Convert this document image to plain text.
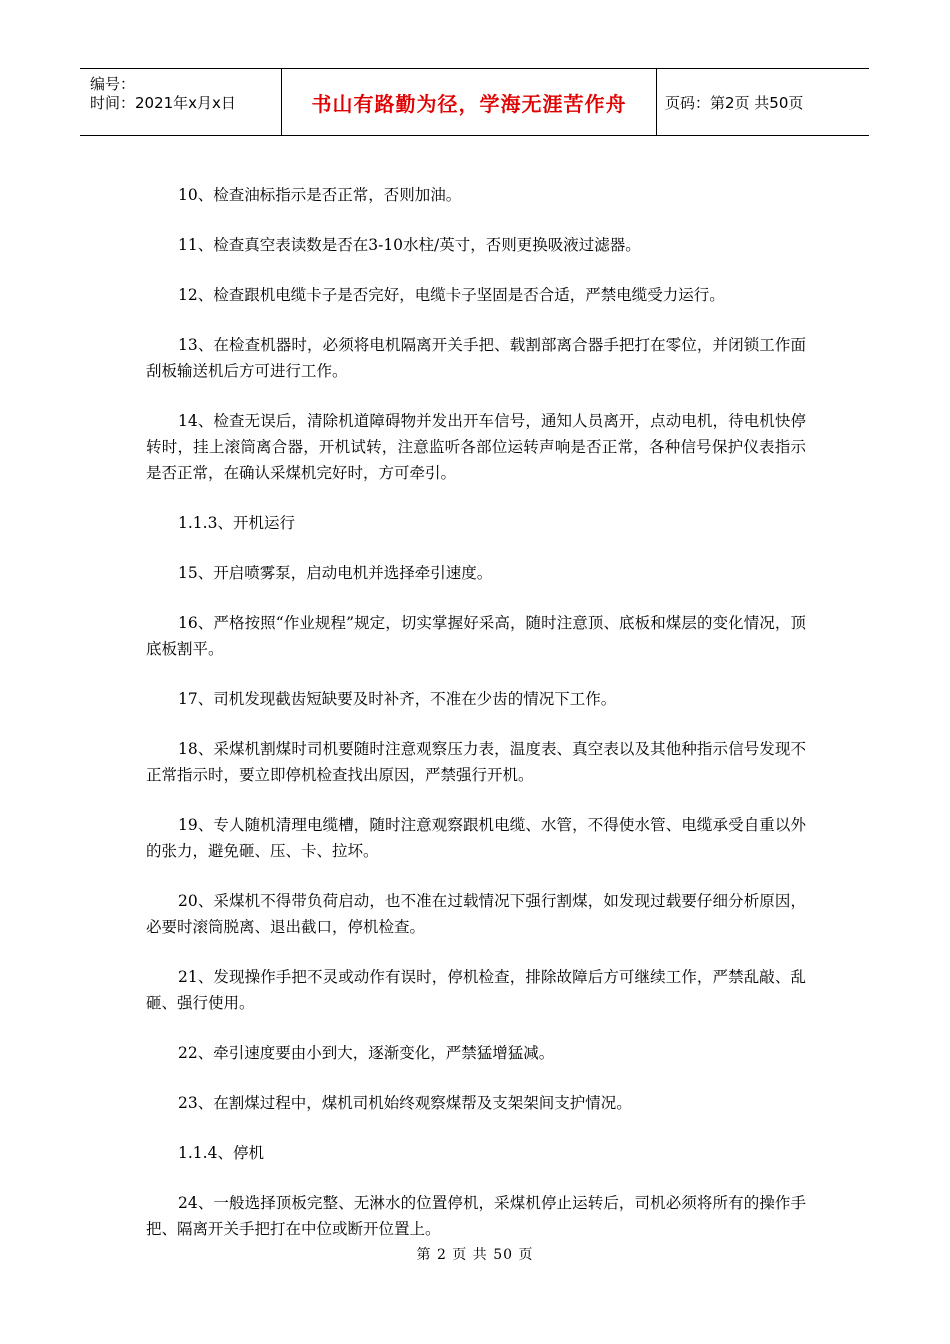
编号：
时间：2021年x月x日	书山有路勤为径，学海无涯苦作舟	页码：第2页 共50页

10、检查油标指示是否正常，否则加油。

11、检查真空表读数是否在3-10水柱/英寸，否则更换吸液过滤器。

12、检查跟机电缆卡子是否完好，电缆卡子坚固是否合适，严禁电缆受力运行。

13、在检查机器时，必须将电机隔离开关手把、载割部离合器手把打在零位，并闭锁工作面刮板输送机后方可进行工作。

14、检查无误后，清除机道障碍物并发出开车信号，通知人员离开，点动电机，待电机快停转时，挂上滚筒离合器，开机试转，注意监听各部位运转声响是否正常，各种信号保护仪表指示是否正常，在确认采煤机完好时，方可牵引。

1.1.3、开机运行

15、开启喷雾泵，启动电机并选择牵引速度。

16、严格按照“作业规程”规定，切实掌握好采高，随时注意顶、底板和煤层的变化情况，顶底板割平。

17、司机发现截齿短缺要及时补齐，不准在少齿的情况下工作。

18、采煤机割煤时司机要随时注意观察压力表，温度表、真空表以及其他种指示信号发现不正常指示时，要立即停机检查找出原因，严禁强行开机。

19、专人随机清理电缆槽，随时注意观察跟机电缆、水管，不得使水管、电缆承受自重以外的张力，避免砸、压、卡、拉坏。

20、采煤机不得带负荷启动，也不准在过载情况下强行割煤，如发现过载要仔细分析原因，必要时滚筒脱离、退出截口，停机检查。

21、发现操作手把不灵或动作有误时，停机检查，排除故障后方可继续工作，严禁乱敲、乱砸、强行使用。

22、牵引速度要由小到大，逐渐变化，严禁猛增猛减。

23、在割煤过程中，煤机司机始终观察煤帮及支架架间支护情况。

1.1.4、停机

24、一般选择顶板完整、无淋水的位置停机，采煤机停止运转后，司机必须将所有的操作手把、隔离开关手把打在中位或断开位置上。

第 2 页 共 50 页
